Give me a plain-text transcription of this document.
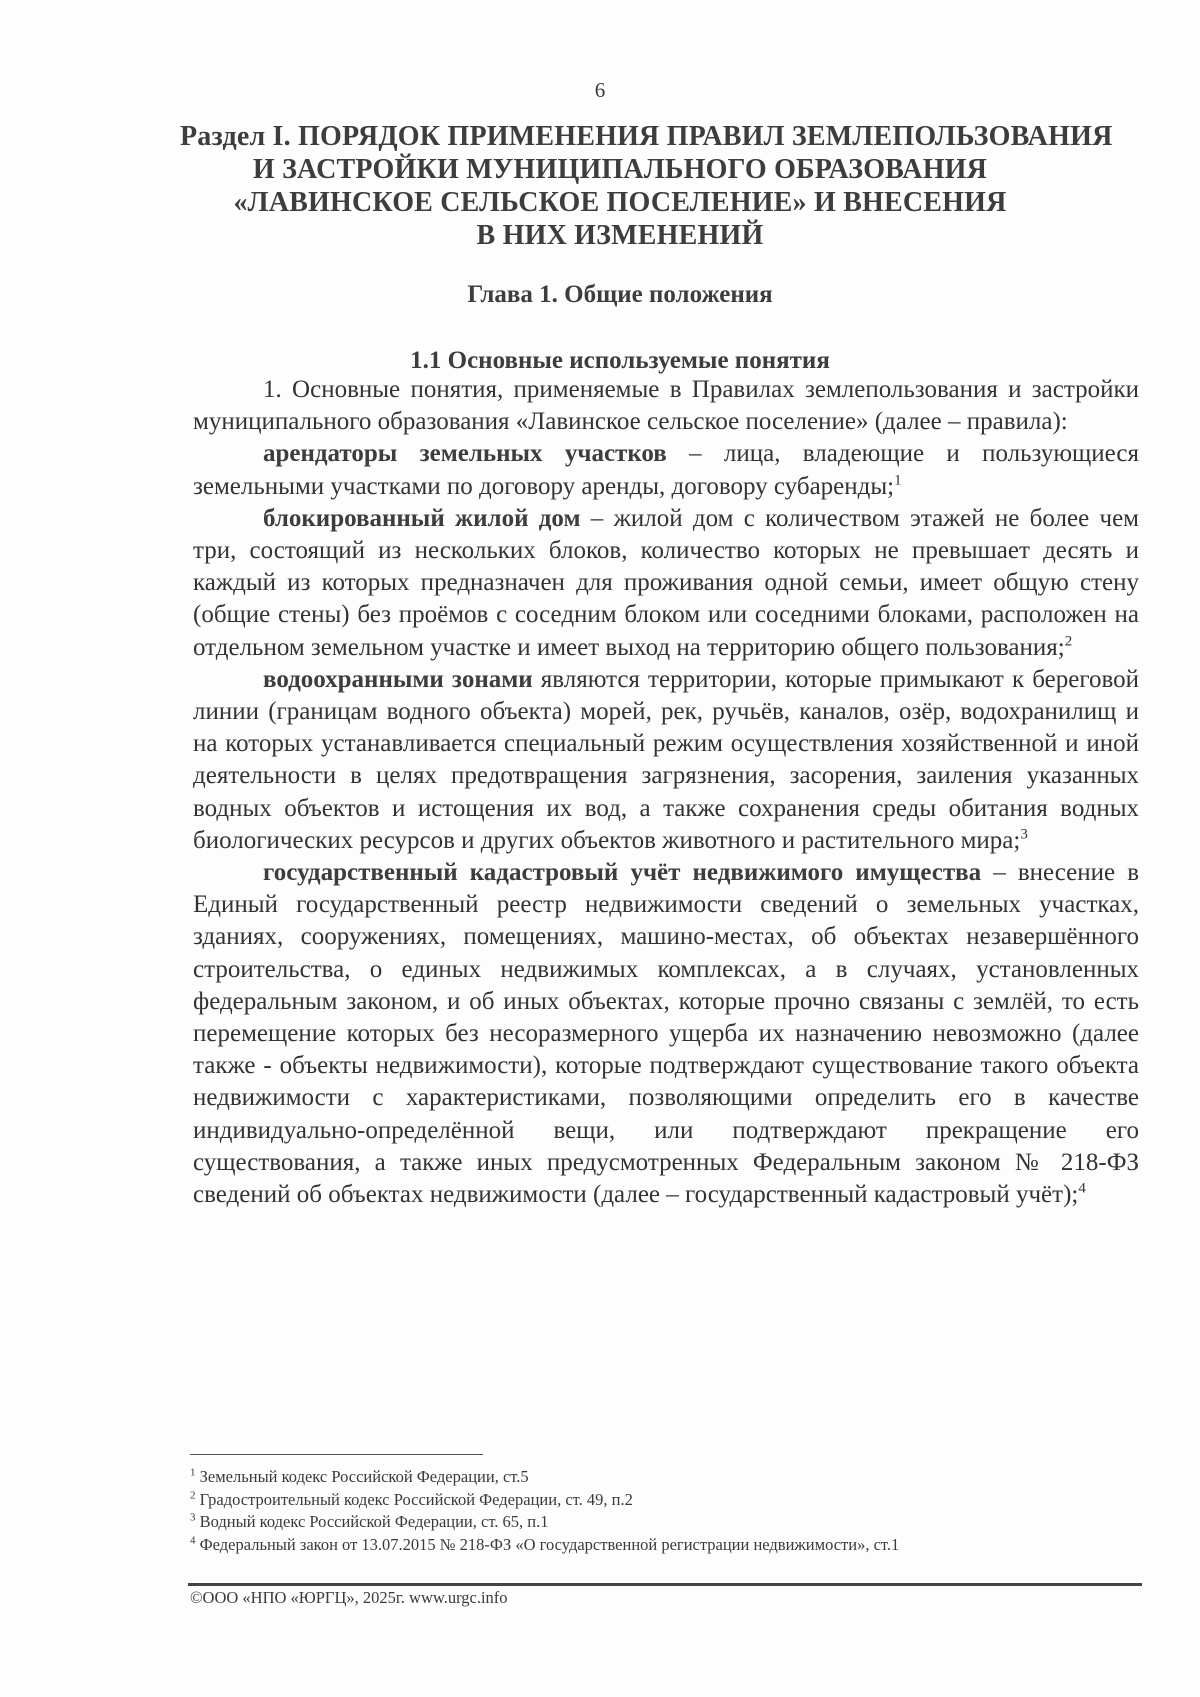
6
Раздел I. ПОРЯДОК ПРИМЕНЕНИЯ ПРАВИЛ ЗЕМЛЕПОЛЬЗОВАНИЯ
И ЗАСТРОЙКИ МУНИЦИПАЛЬНОГО ОБРАЗОВАНИЯ
«ЛАВИНСКОЕ СЕЛЬСКОЕ ПОСЕЛЕНИЕ» И ВНЕСЕНИЯ
В НИХ ИЗМЕНЕНИЙ
Глава 1. Общие положения
1.1 Основные используемые понятия

1. Основные понятия, применяемые в Правилах землепользования и застройки муниципального образования «Лавинское сельское поселение» (далее – правила):

арендаторы земельных участков – лица, владеющие и пользующиеся земельными участками по договору аренды, договору субаренды;$^1$

блокированный жилой дом – жилой дом с количеством этажей не более чем три, состоящий из нескольких блоков, количество которых не превышает десять и каждый из которых предназначен для проживания одной семьи, имеет общую стену (общие стены) без проёмов с соседним блоком или соседними блоками, расположен на отдельном земельном участке и имеет выход на территорию общего пользования;$^2$

водоохранными зонами являются территории, которые примыкают к береговой линии (границам водного объекта) морей, рек, ручьёв, каналов, озёр, водохранилищ и на которых устанавливается специальный режим осуществления хозяйственной и иной деятельности в целях предотвращения загрязнения, засорения, заиления указанных водных объектов и истощения их вод, а также сохранения среды обитания водных биологических ресурсов и других объектов животного и растительного мира;$^3$

государственный кадастровый учёт недвижимого имущества – внесение в Единый государственный реестр недвижимости сведений о земельных участках, зданиях, сооружениях, помещениях, машино-местах, об объектах незавершённого строительства, о единых недвижимых комплексах, а в случаях, установленных федеральным законом, и об иных объектах, которые прочно связаны с землёй, то есть перемещение которых без несоразмерного ущерба их назначению невозможно (далее также - объекты недвижимости), которые подтверждают существование такого объекта недвижимости с характеристиками, позволяющими определить его в качестве индивидуально-определённой вещи, или подтверждают прекращение его существования, а также иных предусмотренных Федеральным законом № 218-ФЗ сведений об объектах недвижимости (далее – государственный кадастровый учёт);$^4$

$^1$ Земельный кодекс Российской Федерации, ст.5
$^2$ Градостроительный кодекс Российской Федерации, ст. 49, п.2
$^3$ Водный кодекс Российской Федерации, ст. 65, п.1
$^4$ Федеральный закон от 13.07.2015 № 218-ФЗ «О государственной регистрации недвижимости», ст.1
©ООО «НПО «ЮРГЦ», 2025г. www.urgc.info
